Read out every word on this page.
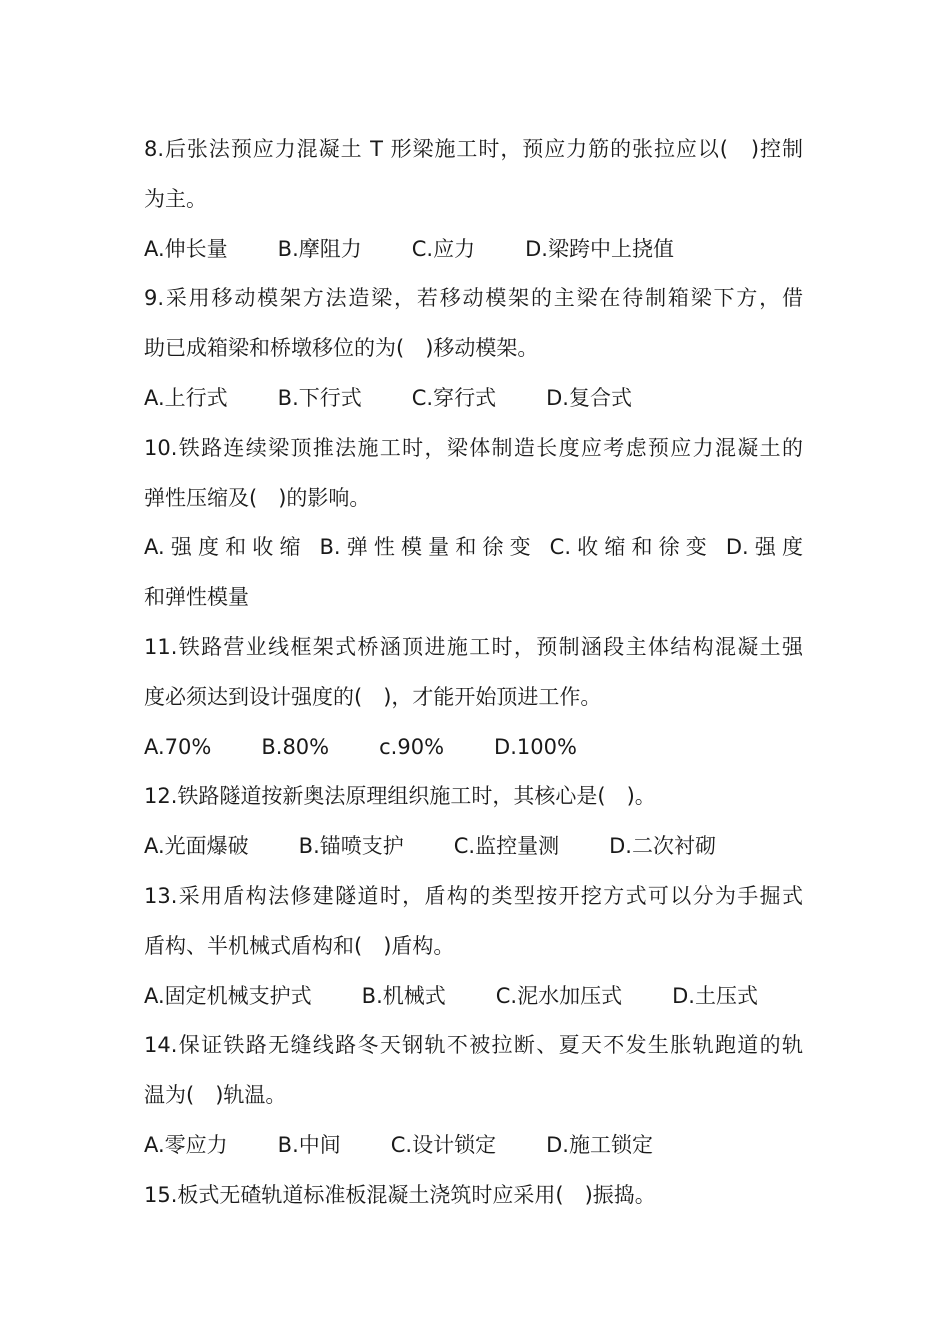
8.后张法预应力混凝土 T 形梁施工时，预应力筋的张拉应以(　)控制
为主。
A.伸长量 B.摩阻力 C.应力 D.梁跨中上挠值
9.采用移动模架方法造梁，若移动模架的主梁在待制箱梁下方，借
助已成箱梁和桥墩移位的为(　)移动模架。
A.上行式 B.下行式 C.穿行式 D.复合式
10.铁路连续梁顶推法施工时，梁体制造长度应考虑预应力混凝土的
弹性压缩及(　)的影响。
A.强度和收缩 B.弹性模量和徐变 C.收缩和徐变 D.强度
和弹性模量
11.铁路营业线框架式桥涵顶进施工时，预制涵段主体结构混凝土强
度必须达到设计强度的(　)，才能开始顶进工作。
A.70% B.80% c.90% D.100%
12.铁路隧道按新奥法原理组织施工时，其核心是(　)。
A.光面爆破 B.锚喷支护 C.监控量测 D.二次衬砌
13.采用盾构法修建隧道时，盾构的类型按开挖方式可以分为手掘式
盾构、半机械式盾构和(　)盾构。
A.固定机械支护式 B.机械式 C.泥水加压式 D.土压式
14.保证铁路无缝线路冬天钢轨不被拉断、夏天不发生胀轨跑道的轨
温为(　)轨温。
A.零应力 B.中间 C.设计锁定 D.施工锁定
15.板式无碴轨道标准板混凝土浇筑时应采用(　)振捣。
